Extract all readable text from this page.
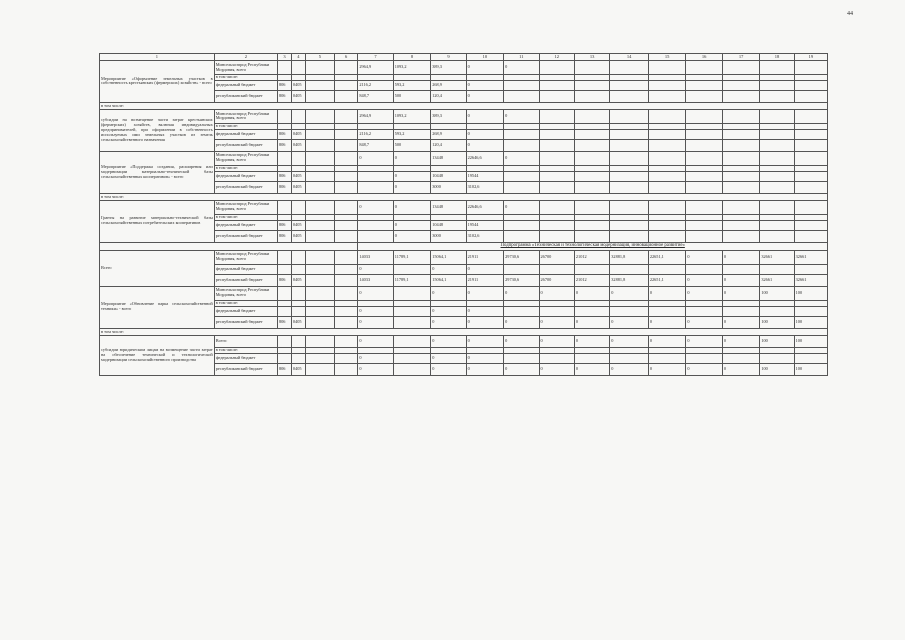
44
1	2	3	4	5	6	7	8	9	10	11	12	13	14	15	16	17	18	19
Мероприятие «Оформление земельных участков в собственность крестьянских (фермерских) хозяйств» - всего	Минсельхозпрод Республики Мордовия, всего					2964,9	1093,2	389,3	0	0								
	в том числе:																	
	федеральный бюджет	806	0405			2116,2	593,2	268,9	0									
	республиканский бюджет	806	0405			848,7	500	120,4	0									
в том числе:																		
субсидии на возмещение части затрат крестьянских (фермерских) хозяйств, включая индивидуальных предпринимателей, при оформлении в собственность используемых ими земельных участков из земель сельскохозяйственного назначения	Минсельхозпрод Республики Мордовия, всего					2964,9	1093,2	389,3	0	0								
	в том числе:																	
	федеральный бюджет	806	0405			2116,2	593,2	268,9	0									
	республиканский бюджет	806	0405			848,7	500	120,4	0									
Мероприятие «Поддержка создания, расширения или модернизации материально-технической базы сельскохозяйственных кооперативов» - всего	Минсельхозпрод Республики Мордовия, всего					0	0	13448	22646,6	0								
	в том числе:																	
	федеральный бюджет	806	0405				0	10448	19544									
	республиканский бюджет	806	0405				0	3000	3102,6									
в том числе:																		
Гранты на развитие материально-технической базы сельскохозяйственных потребительских кооперативов	Минсельхозпрод Республики Мордовия, всего					0	0	13448	22646,6	0								
	в том числе:																	
	федеральный бюджет	806	0405				0	10448	19544									
	республиканский бюджет	806	0405				0	3000	3102,6									
						Подпрограмма «Техническая и технологическая модернизация, инновационное развитие»												
Всего	Минсельхозпрод Республики Мордовия, всего					14033	11789,1	15064,1	21911	29730,6	26700	21012	32881,8	22651,1	0	0	32661	32661
	федеральный бюджет					0		0	0									
	республиканский бюджет	806	0405			14033	11789,1	15064,1	21911	29730,6	26700	21012	32881,8	22651,1	0	0	32661	32661
Мероприятие «Обновление парка сельскохозяйственной техники» - всего	Минсельхозпрод Республики Мордовия, всего					0		0	0	0	0	0	0	0	0	0	100	100
	в том числе:																	
	федеральный бюджет					0		0	0									
	республиканский бюджет	806	0405			0		0	0	0	0	0	0	0	0	0	100	100
в том числе:																		
субсидии юридическим лицам на возмещение части затрат на обеспечение технической и технологической модернизации сельскохозяйственного производства	Всего:					0		0	0	0	0	0	0	0	0	0	100	100
	в том числе:																	
	федеральный бюджет					0		0	0									
	республиканский бюджет	806	0405			0		0	0	0	0	0	0	0	0	0	100	100
